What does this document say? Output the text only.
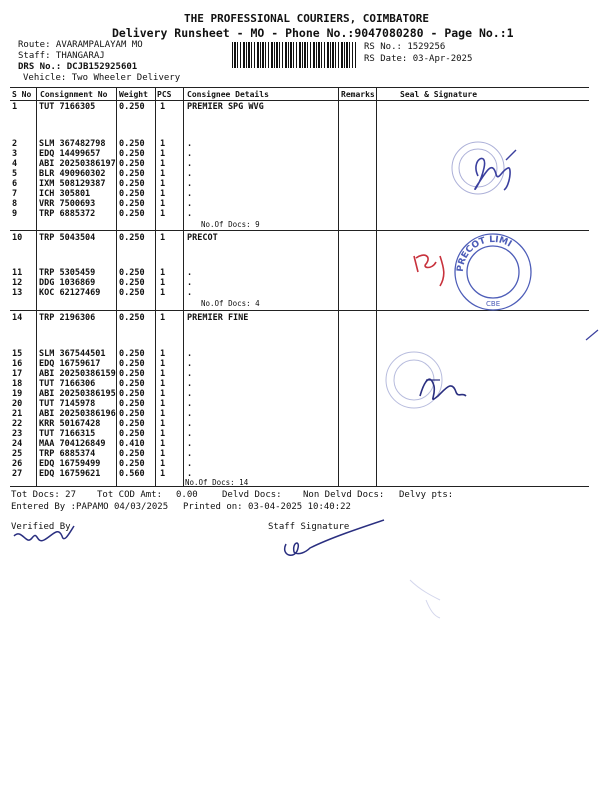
THE PROFESSIONAL COURIERS, COIMBATORE
Delivery Runsheet - MO - Phone No.:9047080280 - Page No.:1
Route: AVARAMPALAYAM MO
Staff: THANGARAJ
DRS No.: DCJB152925601
Vehicle: Two Wheeler Delivery
RS No.: 1529256
RS Date: 03-Apr-2025
S No Consignment No Weight PCS Consignee Details	Remarks	Seal & Signature
1	TUT 7166305	0.250 1	PREMIER SPG WVG
2	SLM 367482798 0.250 1	.
3	EDQ 14499657 0.250 1	.
4	ABI 20250386197 0.250 1	.
5	BLR 490960302 0.250 1	.
6	IXM 508129387 0.250 1	.
7	ICH 305801	0.250 1	.
8	VRR 7500693	0.250 1	.
9	TRP 6885372	0.250 1	.
No.Of Docs: 9
10 TRP 5043504	0.250 1	PRECOT
11 TRP 5305459	0.250 1	.
12 DDG 1036869	0.250 1	.
13 KOC 62127469 0.250 1	.
No.Of Docs: 4
14 TRP 2196306	0.250 1	PREMIER FINE
15 SLM 367544501 0.250 1	.
16 EDQ 16759617 0.250 1	.
17 ABI 20250386159 0.250 1	.
18 TUT 7166306	0.250 1	.
19 ABI 20250386195 0.250 1	.
20 TUT 7145978	0.250 1	.
21 ABI 20250386196 0.250 1	.
22 KRR 50167428 0.250 1	.
23 TUT 7166315	0.250 1	.
24 MAA 704126849 0.410 1	.
25 TRP 6885374	0.250 1	.
26 EDQ 16759499 0.250 1	.
27 EDQ 16759621 0.560 1	.
No.Of Docs: 14
Tot Docs: 27 Tot COD Amt: 0.00	Delvd Docs: Non Delvd Docs: Delvy pts:
Entered By :PAPAMO 04/03/2025 Printed on: 03-04-2025 10:40:22
Verified By	Staff Signature
PRECOT LIMI
CBE
